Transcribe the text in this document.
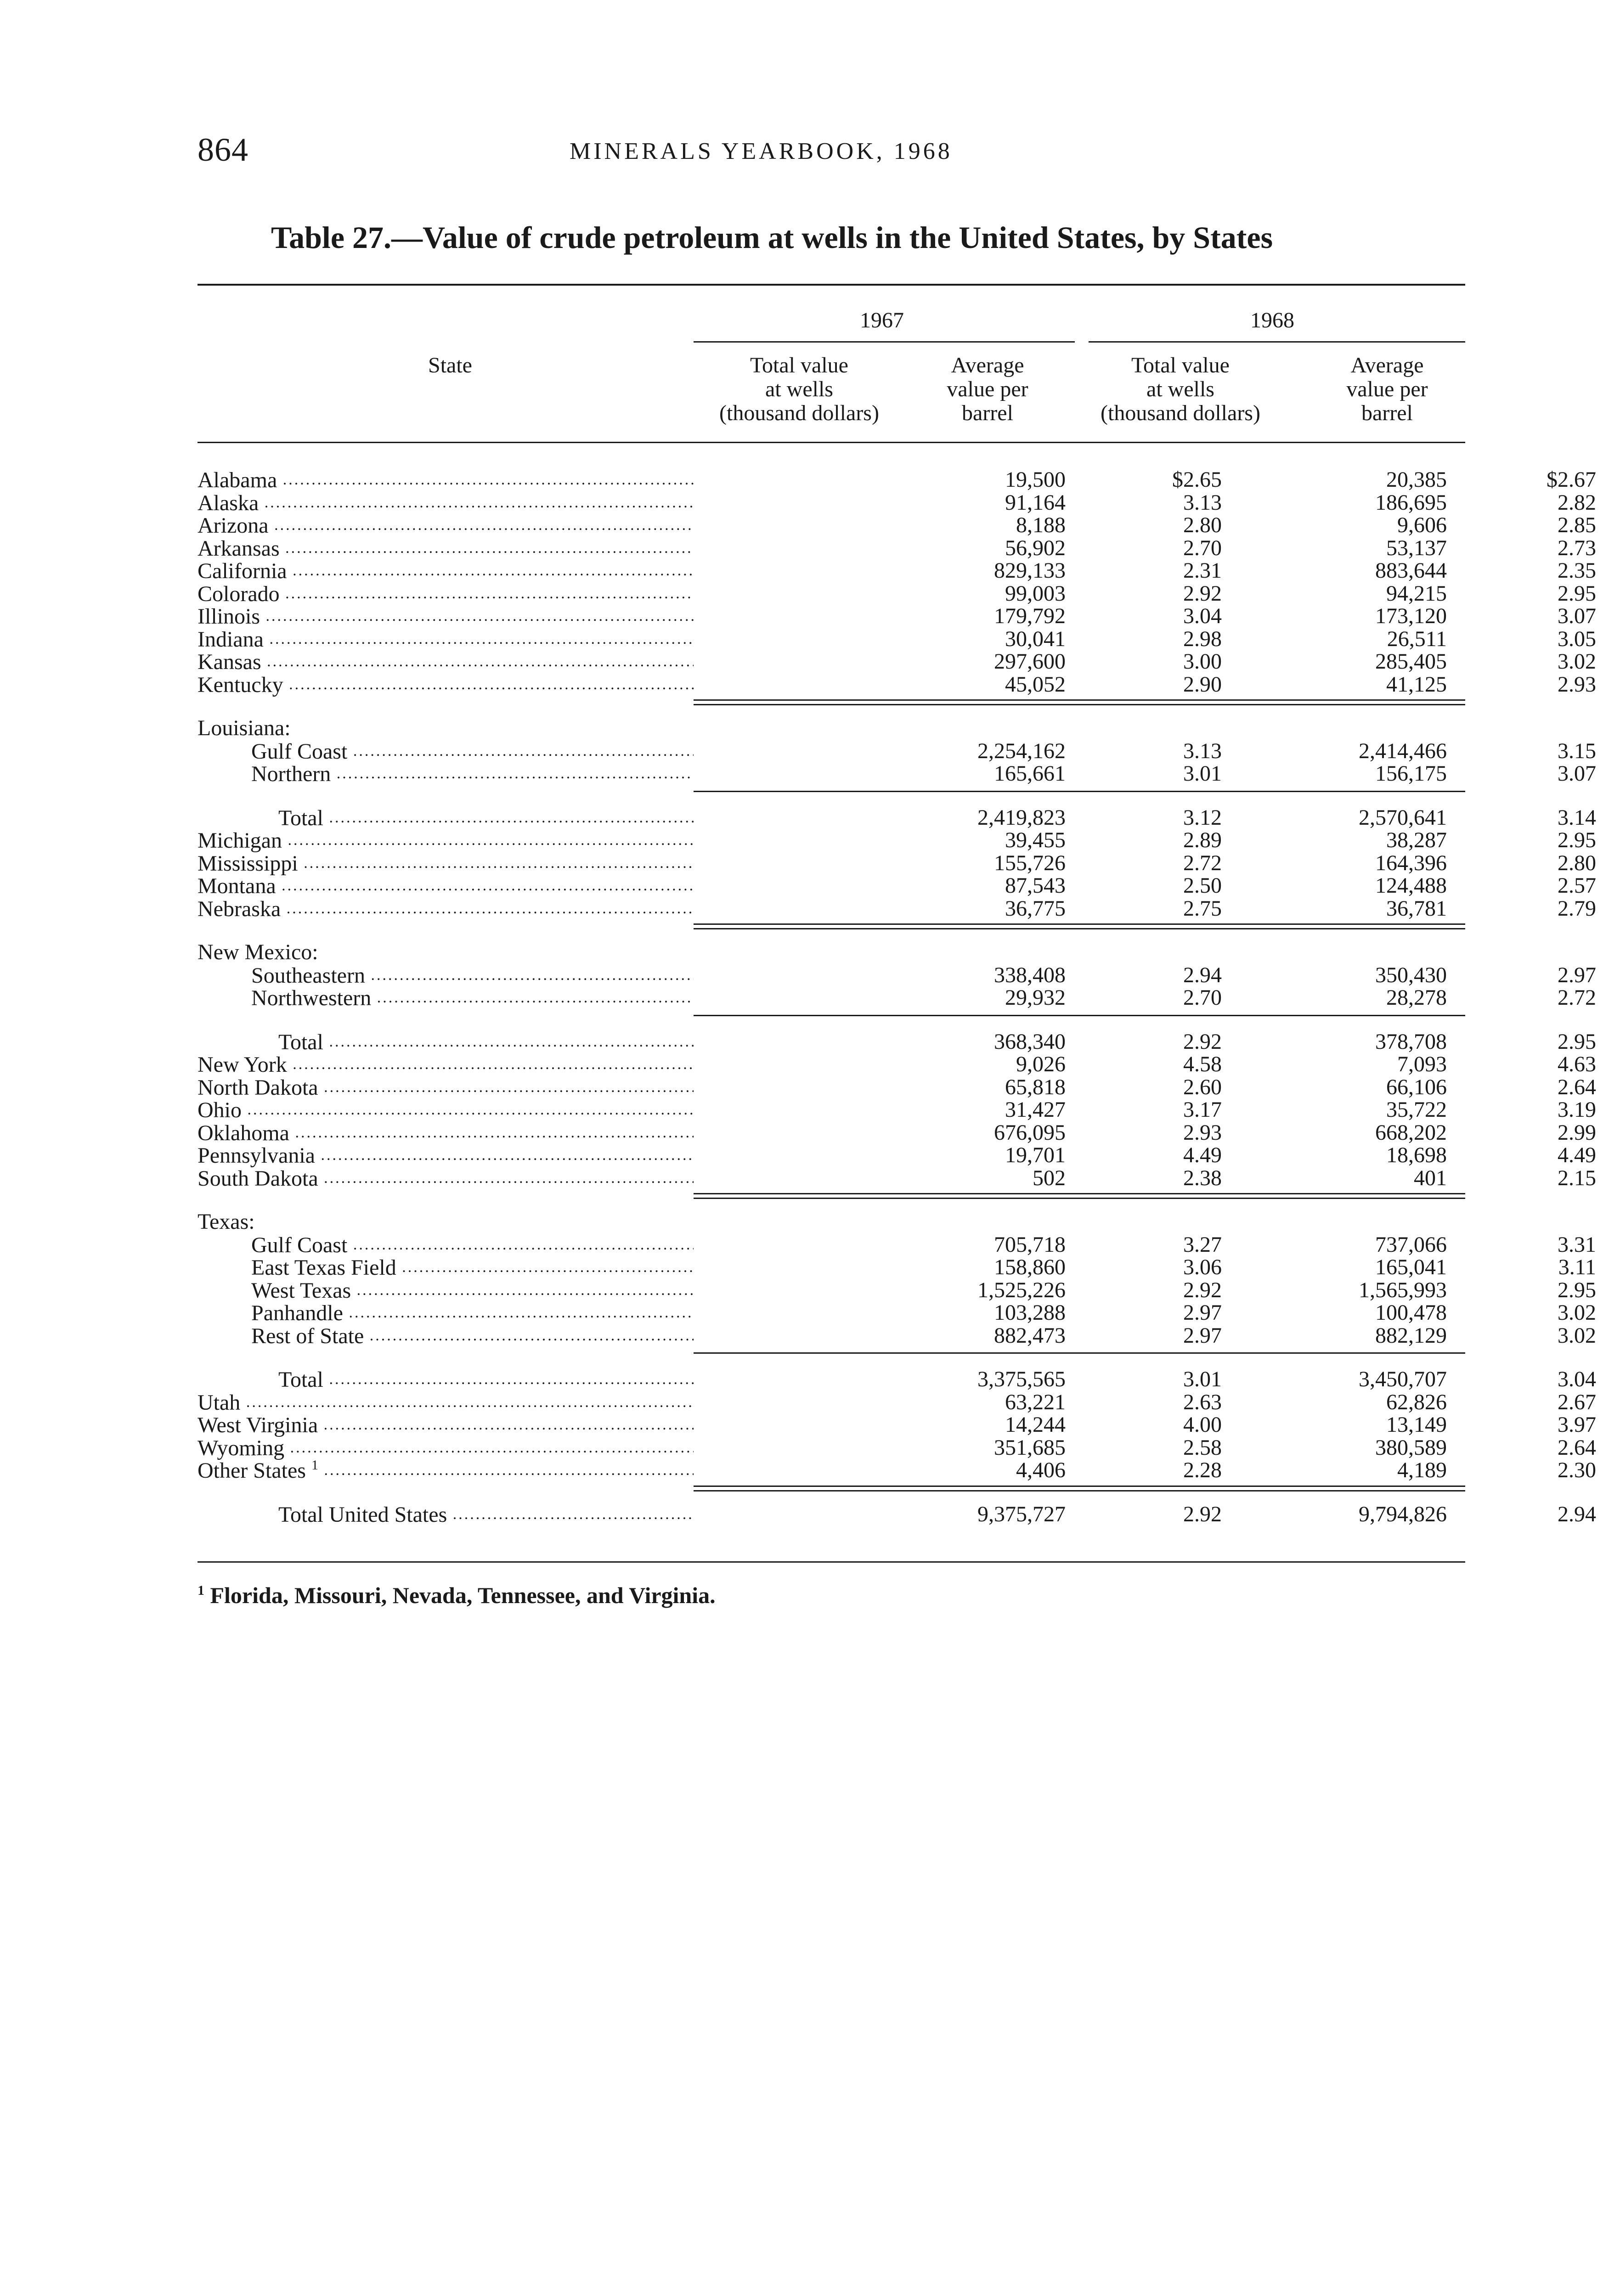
864	MINERALS YEARBOOK, 1968
Table 27.—Value of crude petroleum at wells in the United States, by States
State
1967	1968
Total value
at wells
(thousand dollars)
Average
value per
barrel
Total value
at wells
(thousand dollars)
Average
value per
barrel
Alabama .....	19,500	$2.65	20,385	$2.67
Alaska .....	91,164	3.13	186,695	2.82
Arizona .....	8,188	2.80	9,606	2.85
Arkansas .....	56,902	2.70	53,137	2.73
California .....	829,133	2.31	883,644	2.35
Colorado .....	99,003	2.92	94,215	2.95
Illinois .....	179,792	3.04	173,120	3.07
Indiana .....	30,041	2.98	26,511	3.05
Kansas .....	297,600	3.00	285,405	3.02
Kentucky .....	45,052	2.90	41,125	2.93
Louisiana:
Gulf Coast .....	2,254,162	3.13	2,414,466	3.15
Northern .....	165,661	3.01	156,175	3.07
Total .....	2,419,823	3.12	2,570,641	3.14
Michigan .....	39,455	2.89	38,287	2.95
Mississippi .....	155,726	2.72	164,396	2.80
Montana .....	87,543	2.50	124,488	2.57
Nebraska .....	36,775	2.75	36,781	2.79
New Mexico:
Southeastern .....	338,408	2.94	350,430	2.97
Northwestern .....	29,932	2.70	28,278	2.72
Total .....	368,340	2.92	378,708	2.95
New York .....	9,026	4.58	7,093	4.63
North Dakota .....	65,818	2.60	66,106	2.64
Ohio .....	31,427	3.17	35,722	3.19
Oklahoma .....	676,095	2.93	668,202	2.99
Pennsylvania .....	19,701	4.49	18,698	4.49
South Dakota .....	502	2.38	401	2.15
Texas:
Gulf Coast .....	705,718	3.27	737,066	3.31
East Texas Field .....	158,860	3.06	165,041	3.11
West Texas .....	1,525,226	2.92	1,565,993	2.95
Panhandle .....	103,288	2.97	100,478	3.02
Rest of State .....	882,473	2.97	882,129	3.02
Total .....	3,375,565	3.01	3,450,707	3.04
Utah .....	63,221	2.63	62,826	2.67
West Virginia .....	14,244	4.00	13,149	3.97
Wyoming .....	351,685	2.58	380,589	2.64
Other States $^1$ .....	4,406	2.28	4,189	2.30
Total United States .....	9,375,727	2.92	9,794,826	2.94
$^1$ Florida, Missouri, Nevada, Tennessee, and Virginia.
